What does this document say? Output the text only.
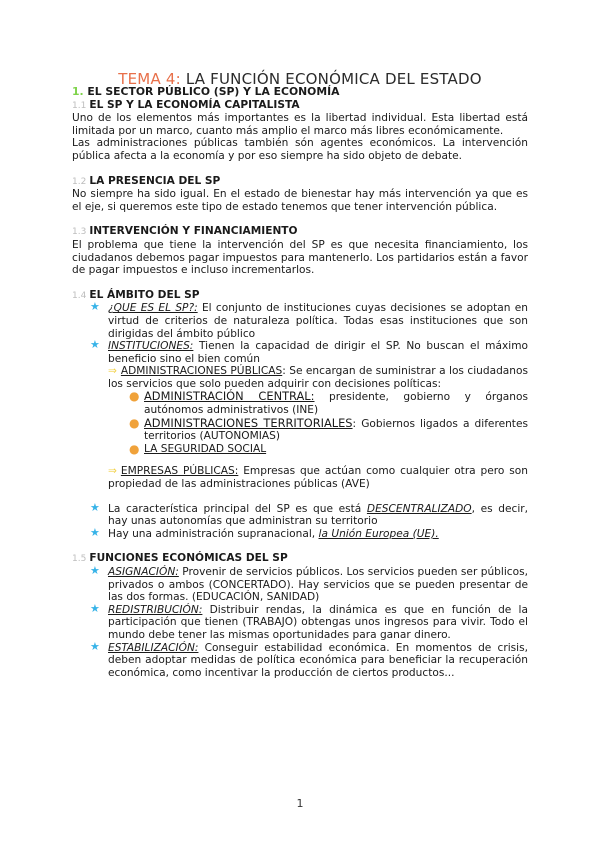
TEMA 4: LA FUNCIÓN ECONÓMICA DEL ESTADO

1. EL SECTOR PÚBLICO (SP) Y LA ECONOMÍA

1.1 EL SP Y LA ECONOMÍA CAPITALISTA

Uno de los elementos más importantes es la libertad individual. Esta libertad está limitada por un marco, cuanto más amplio el marco más libres económicamente.

Las administraciones públicas también són agentes económicos. La intervención pública afecta a la economía y por eso siempre ha sido objeto de debate.

1.2 LA PRESENCIA DEL SP

No siempre ha sido igual. En el estado de bienestar hay más intervención ya que es el eje, si queremos este tipo de estado tenemos que tener intervención pública.

1.3 INTERVENCIÓN Y FINANCIAMIENTO

El problema que tiene la intervención del SP es que necesita financiamiento, los ciudadanos debemos pagar impuestos para mantenerlo. Los partidarios están a favor de pagar impuestos e incluso incrementarlos.

1.4 EL ÁMBITO DEL SP

★ ¿QUE ES EL SP?: El conjunto de instituciones cuyas decisiones se adoptan en virtud de criterios de naturaleza política. Todas esas instituciones que son dirigidas del ámbito público

★ INSTITUCIONES: Tienen la capacidad de dirigir el SP. No buscan el máximo beneficio sino el bien común

⇒ ADMINISTRACIONES PÚBLICAS: Se encargan de suministrar a los ciudadanos los servicios que solo pueden adquirir con decisiones políticas:

● ADMINISTRACIÓN CENTRAL: presidente, gobierno y órganos autónomos administrativos (INE)

● ADMINISTRACIONES TERRITORIALES: Gobiernos ligados a diferentes territorios (AUTONOMIAS)

● LA SEGURIDAD SOCIAL

⇒ EMPRESAS PÚBLICAS: Empresas que actúan como cualquier otra pero son propiedad de las administraciones públicas (AVE)

★ La característica principal del SP es que está DESCENTRALIZADO, es decir, hay unas autonomías que administran su territorio

★ Hay una administración supranacional, la Unión Europea (UE).

1.5 FUNCIONES ECONÓMICAS DEL SP

★ ASIGNACIÓN: Provenir de servicios públicos. Los servicios pueden ser públicos, privados o ambos (CONCERTADO). Hay servicios que se pueden presentar de las dos formas. (EDUCACIÓN, SANIDAD)

★ REDISTRIBUCIÓN: Distribuir rendas, la dinámica es que en función de la participación que tienen (TRABAJO) obtengas unos ingresos para vivir. Todo el mundo debe tener las mismas oportunidades para ganar dinero.

★ ESTABILIZACIÓN: Conseguir estabilidad económica. En momentos de crisis, deben adoptar medidas de política económica para beneficiar la recuperación económica, como incentivar la producción de ciertos productos...

1
